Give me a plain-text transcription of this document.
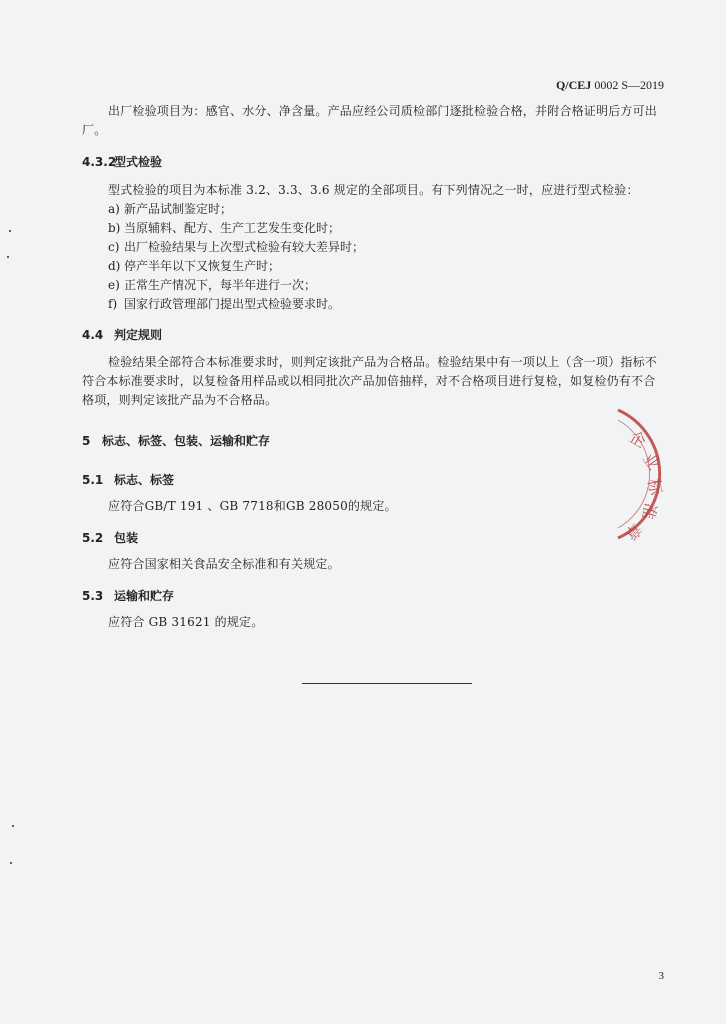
Q/CEJ 0002 S—2019
出厂检验项目为：感官、水分、净含量。产品应经公司质检部门逐批检验合格，并附合格证明后方可出厂。
4.3.2型式检验
型式检验的项目为本标准 3.2、3.3、3.6 规定的全部项目。有下列情况之一时，应进行型式检验：
a) 新产品试制鉴定时；
b) 当原辅料、配方、生产工艺发生变化时；
c) 出厂检验结果与上次型式检验有较大差异时；
d) 停产半年以下又恢复生产时；
e) 正常生产情况下，每半年进行一次；
f) 国家行政管理部门提出型式检验要求时。
4.4 判定规则
检验结果全部符合本标准要求时，则判定该批产品为合格品。检验结果中有一项以上（含一项）指标不符合本标准要求时，以复检备用样品或以相同批次产品加倍抽样，对不合格项目进行复检，如复检仍有不合格项，则判定该批产品为不合格品。
5 标志、标签、包装、运输和贮存
5.1 标志、标签
应符合GB/T 191 、GB 7718和GB 28050的规定。
5.2 包装
应符合国家相关食品安全标准和有关规定。
5.3 运输和贮存
应符合 GB 31621 的规定。
企
业
标
准
章
3
